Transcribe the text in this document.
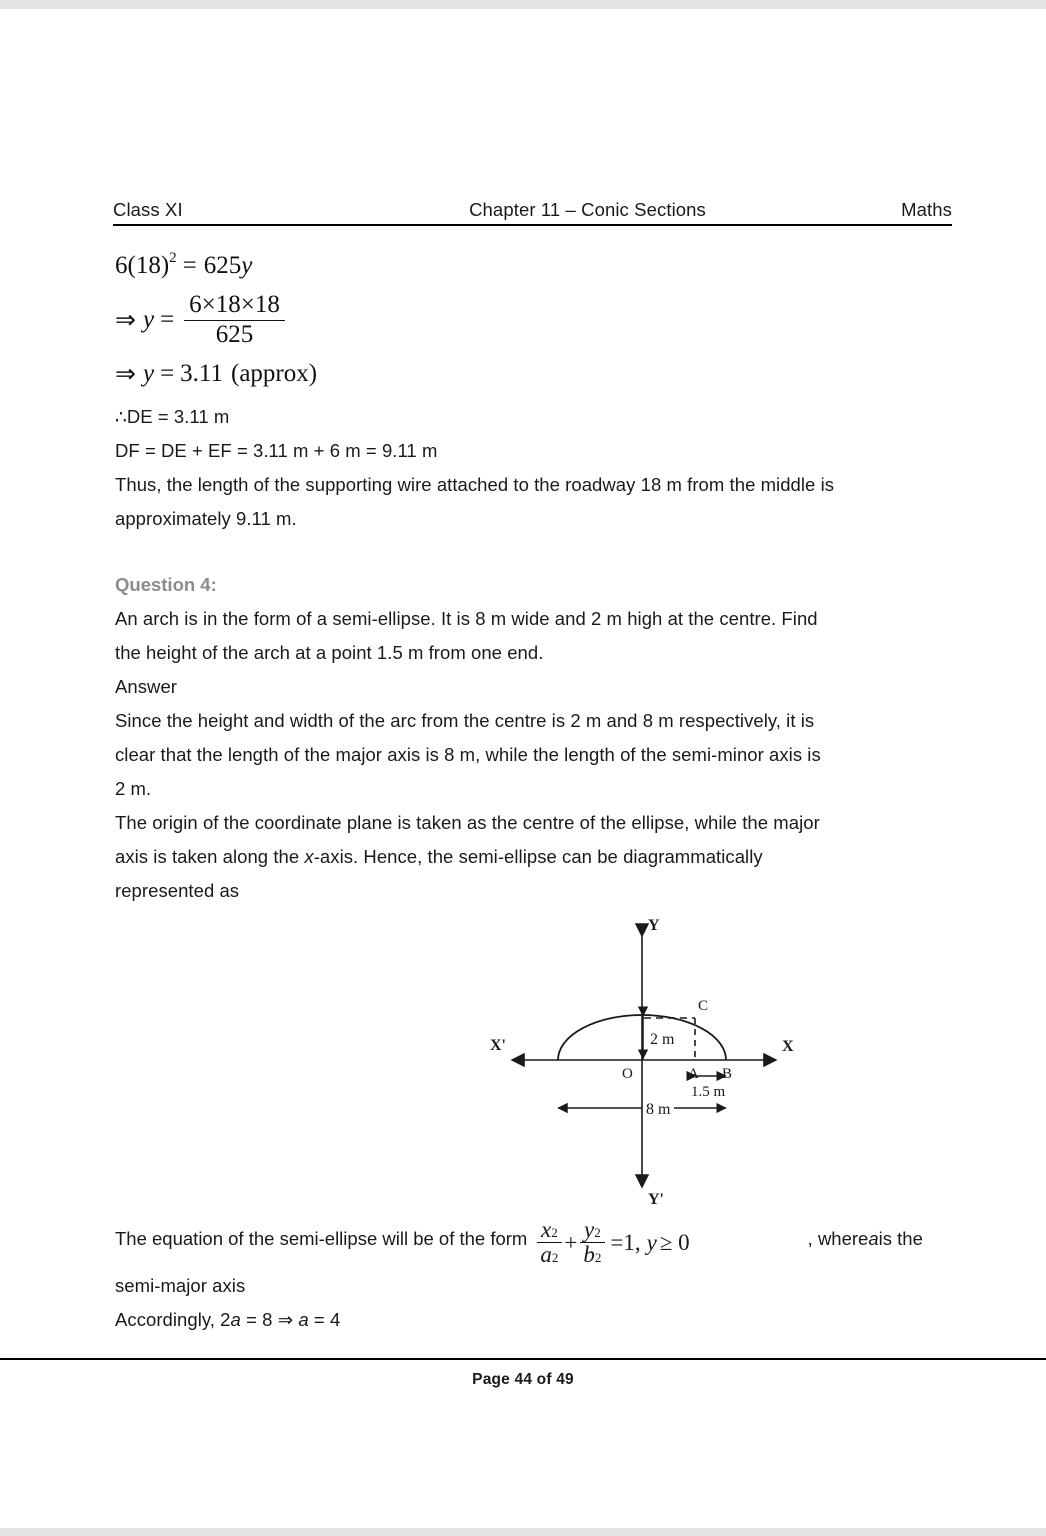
Class XI	Chapter 11 – Conic Sections	Maths
6(18) 2 = 625 y
⇒ $y = \frac{6\times 18\times 18}{625}$
⇒ y = 3.11 (approx)

∴DE = 3.11 m

DF = DE + EF = 3.11 m + 6 m = 9.11 m

Thus, the length of the supporting wire attached to the roadway 18 m from the middle is

approximately 9.11 m.

Question 4:

An arch is in the form of a semi-ellipse. It is 8 m wide and 2 m high at the centre. Find

the height of the arch at a point 1.5 m from one end.

Answer

Since the height and width of the arc from the centre is 2 m and 8 m respectively, it is

clear that the length of the major axis is 8 m, while the length of the semi-minor axis is

2 m.

The origin of the coordinate plane is taken as the centre of the ellipse, while the major

axis is taken along the x-axis. Hence, the semi-ellipse can be diagrammatically

represented as

Y
Y'
X'	X
O	A B
C
2 m
8 m
1.5 m
The equation of the semi-ellipse will be of the form $\frac{x2}{a2} + \frac{y2}{b2} =1$, y ≥ 0	, where a is the

semi-major axis

Accordingly, 2a = 8 ⇒ a = 4

Page 44 of 49
